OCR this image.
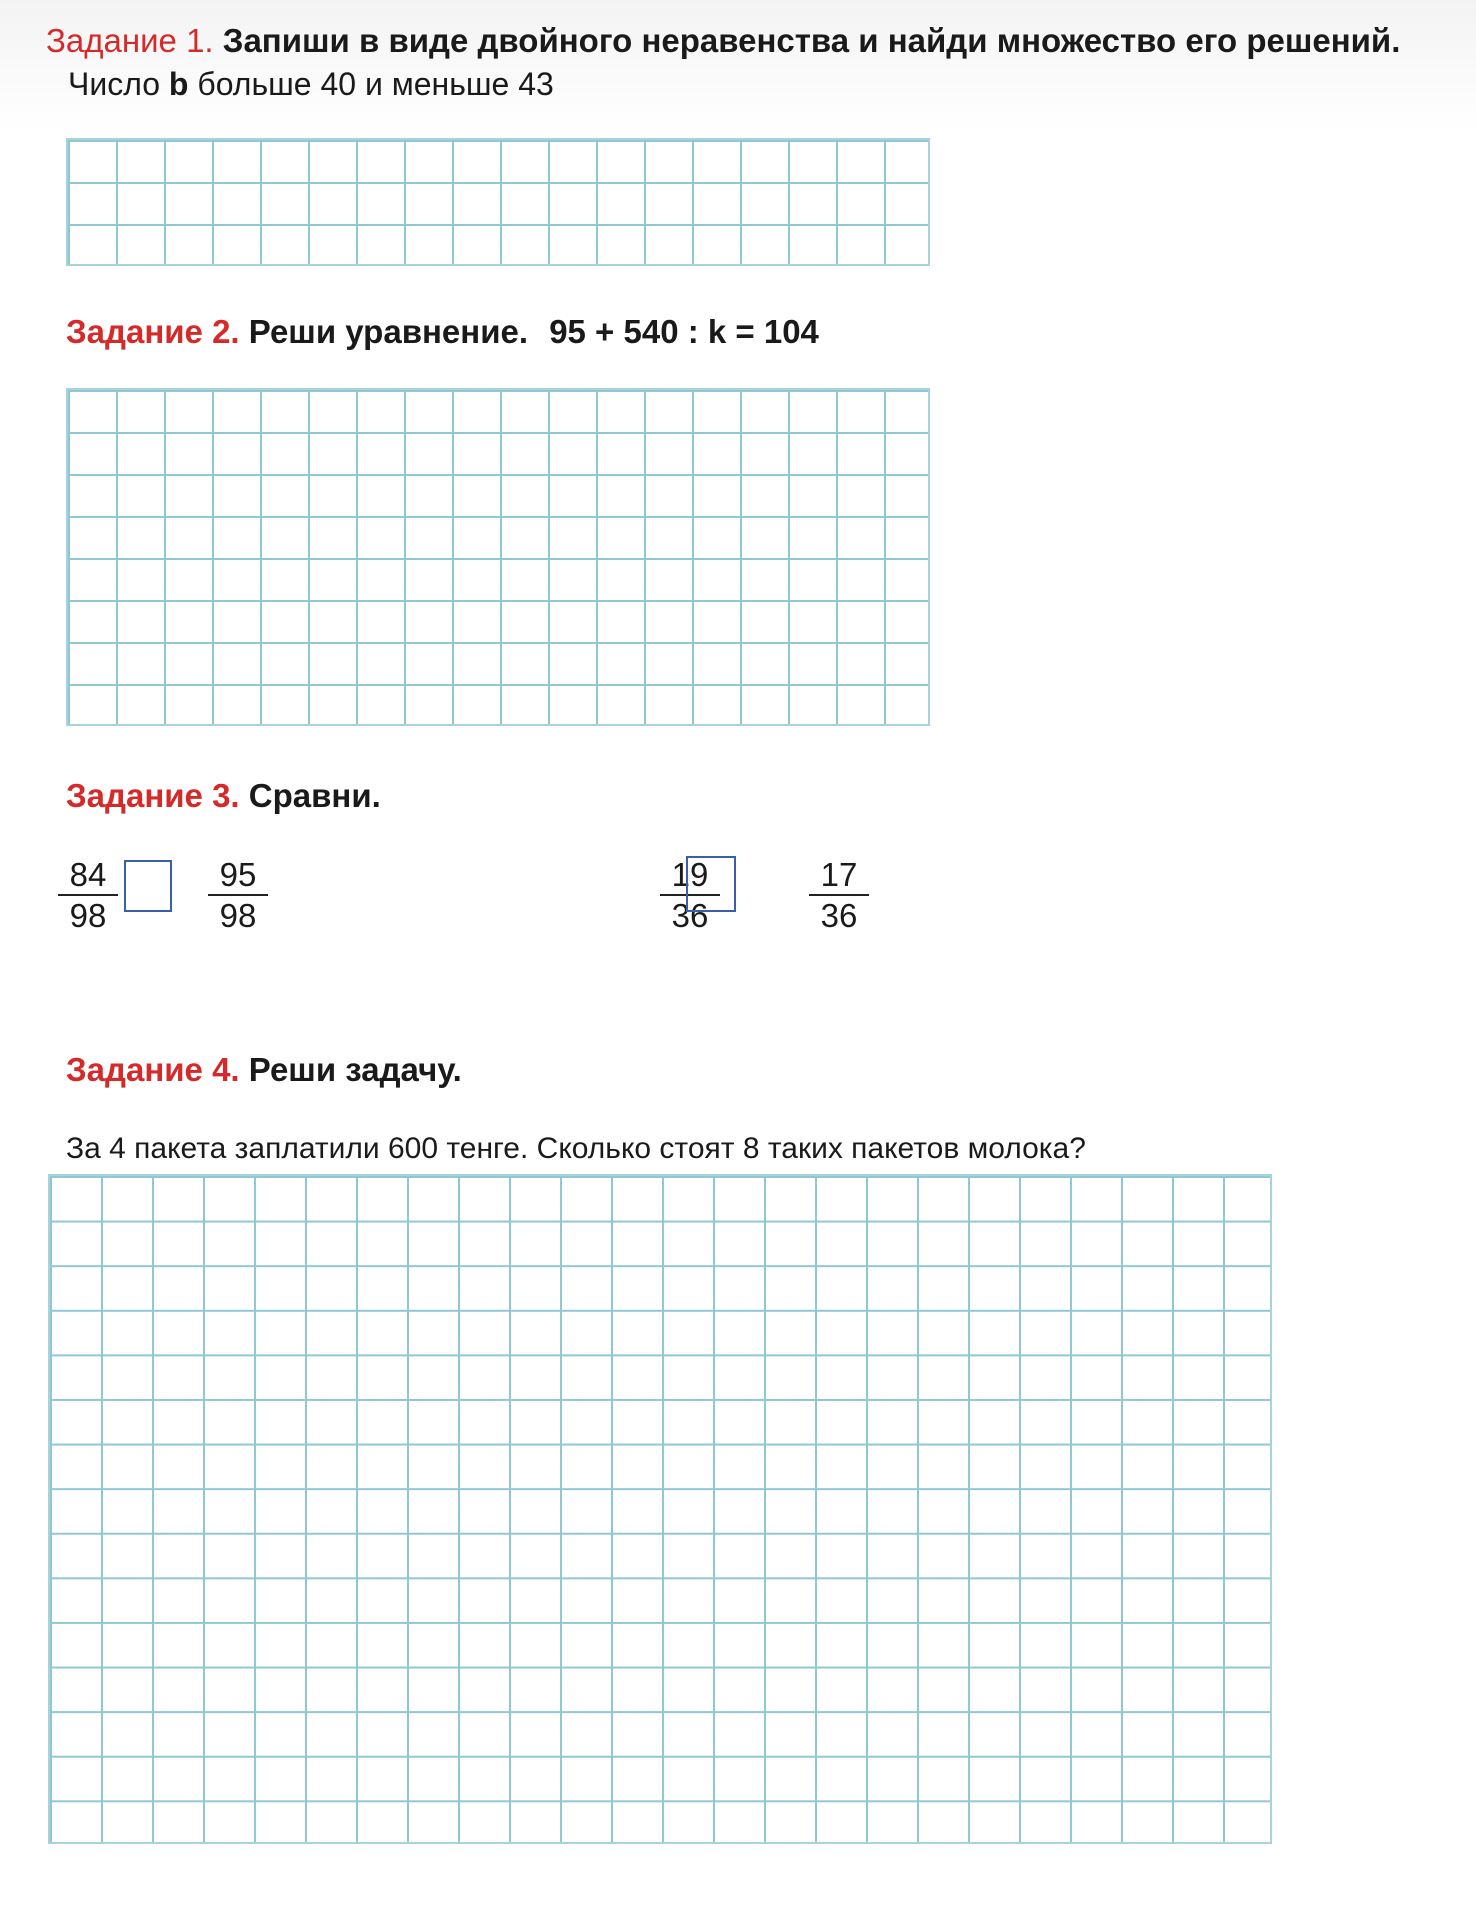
Задание 1. Запиши в виде двойного неравенства и найди множество его решений.
Число b больше 40 и меньше 43
Задание 2. Реши уравнение. 95 + 540 : k = 104
Задание 3. Сравни.
$\frac{84}{98}$	$\frac{95}{98}$	$\frac{19}{36}$	$\frac{17}{36}$
Задание 4. Реши задачу.
За 4 пакета заплатили 600 тенге. Сколько стоят 8 таких пакетов молока?
